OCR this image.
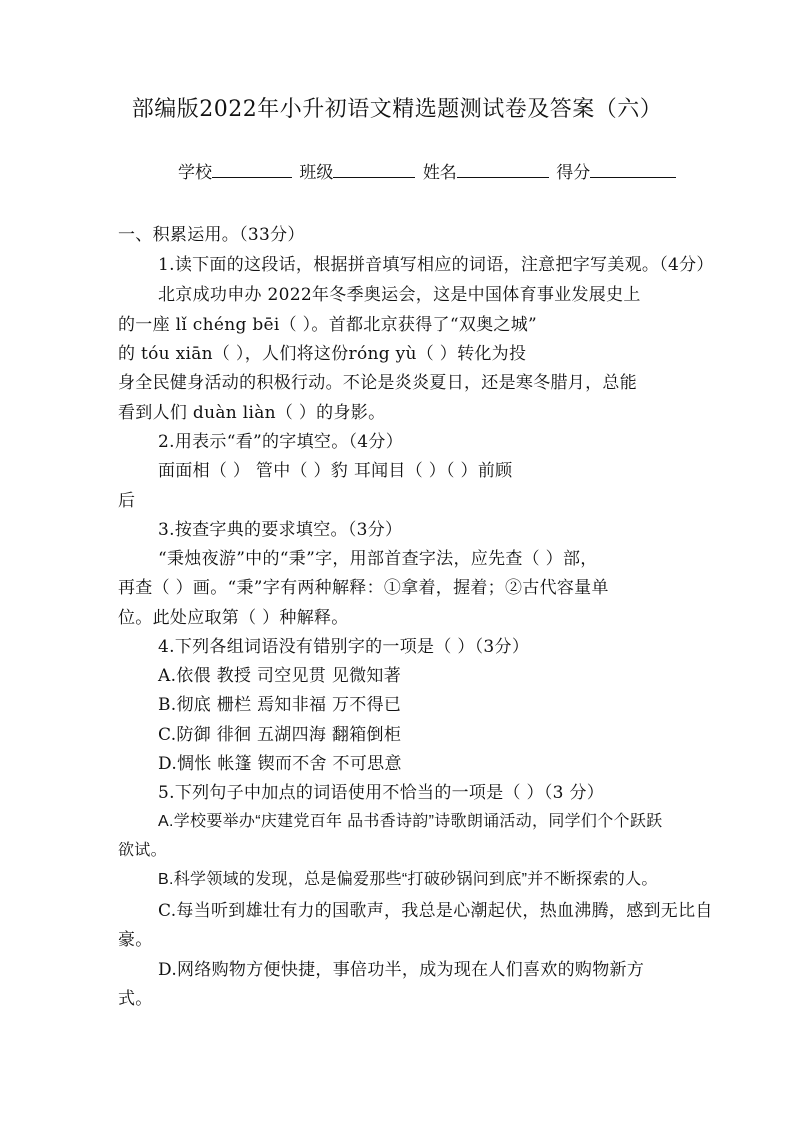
部编版2022年小升初语文精选题测试卷及答案（六）
学校	班级	姓名	得分
一、积累运用。（33分）
1.读下面的这段话，根据拼音填写相应的词语，注意把字写美观。（4分）
北京成功申办 2022年冬季奥运会，这是中国体育事业发展史上
的一座 lǐ chéng bēi（ ）。首都北京获得了“双奥之城”
的 tóu xiān（ ），人们将这份róng yù（ ）转化为投
身全民健身活动的积极行动。不论是炎炎夏日，还是寒冬腊月，总能
看到人们 duàn liàn（ ）的身影。
2.用表示“看”的字填空。（4分）
面面相（ ） 管中（ ）豹 耳闻目（ ）（ ）前顾
后
3.按查字典的要求填空。（3分）
“秉烛夜游”中的“秉”字，用部首查字法，应先查（ ）部，
再查（ ）画。“秉”字有两种解释：①拿着，握着；②古代容量单
位。此处应取第（ ）种解释。
4.下列各组词语没有错别字的一项是（ ）（3分）
A.依偎 教授 司空见贯 见微知著
B.彻底 栅栏 焉知非福 万不得已
C.防御 徘徊 五湖四海 翻箱倒柜
D.惆怅 帐篷 锲而不舍 不可思意
5.下列句子中加点的词语使用不恰当的一项是（ ）（3 分）
A.学校要举办“庆建党百年 品书香诗韵”诗歌朗诵活动，同学们个个跃跃
欲试。
B.科学领域的发现，总是偏爱那些“打破砂锅问到底”并不断探索的人。
C.每当听到雄壮有力的国歌声，我总是心潮起伏，热血沸腾，感到无比自
豪。
D.网络购物方便快捷，事倍功半，成为现在人们喜欢的购物新方
式。
